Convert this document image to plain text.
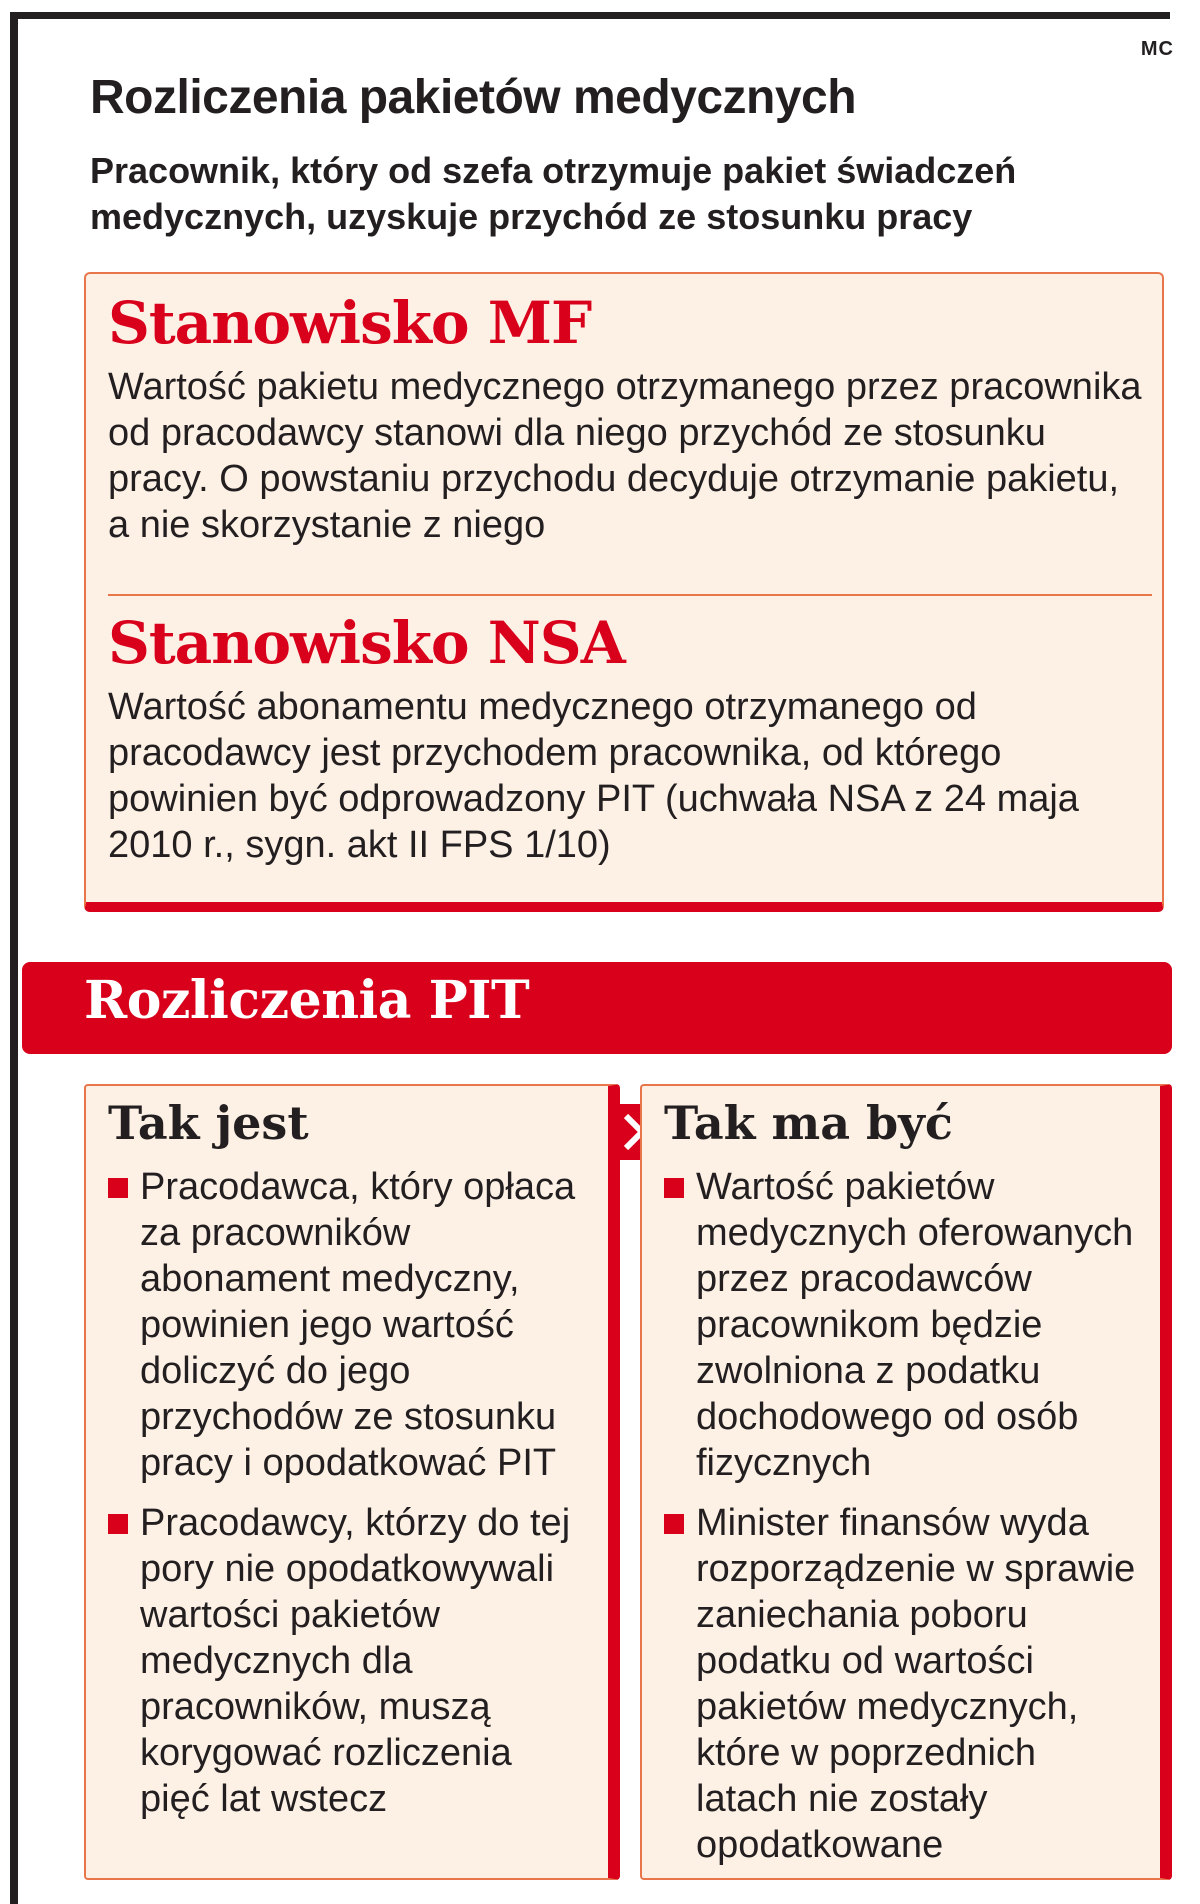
MC
Rozliczenia pakietów medycznych

Pracownik, który od szefa otrzymuje pakiet świadczeń medycznych, uzyskuje przychód ze stosunku pracy

Stanowisko MF

Wartość pakietu medycznego otrzymanego przez pracownika od pracodawcy stanowi dla niego przychód ze stosunku pracy. O powstaniu przychodu decyduje otrzymanie pakietu, a nie skorzystanie z niego

Stanowisko NSA

Wartość abonamentu medycznego otrzymanego od pracodawcy jest przychodem pracownika, od którego powinien być odprowadzony PIT (uchwała NSA z 24 maja 2010 r., sygn. akt II FPS 1/10)

Rozliczenia PIT
Tak jest
Pracodawca, który opłaca za pracowników abonament medyczny, powinien jego wartość doliczyć do jego przychodów ze stosunku pracy i opodatkować PIT
Pracodawcy, którzy do tej pory nie opodatkowywali wartości pakietów medycznych dla pracowników, muszą korygować rozliczenia pięć lat wstecz
Tak ma być
Wartość pakietów medycznych oferowanych przez pracodawców pracownikom będzie zwolniona z podatku dochodowego od osób fizycznych
Minister finansów wyda rozporządzenie w sprawie zaniechania poboru podatku od wartości pakietów medycznych, które w poprzednich latach nie zostały opodatkowane
